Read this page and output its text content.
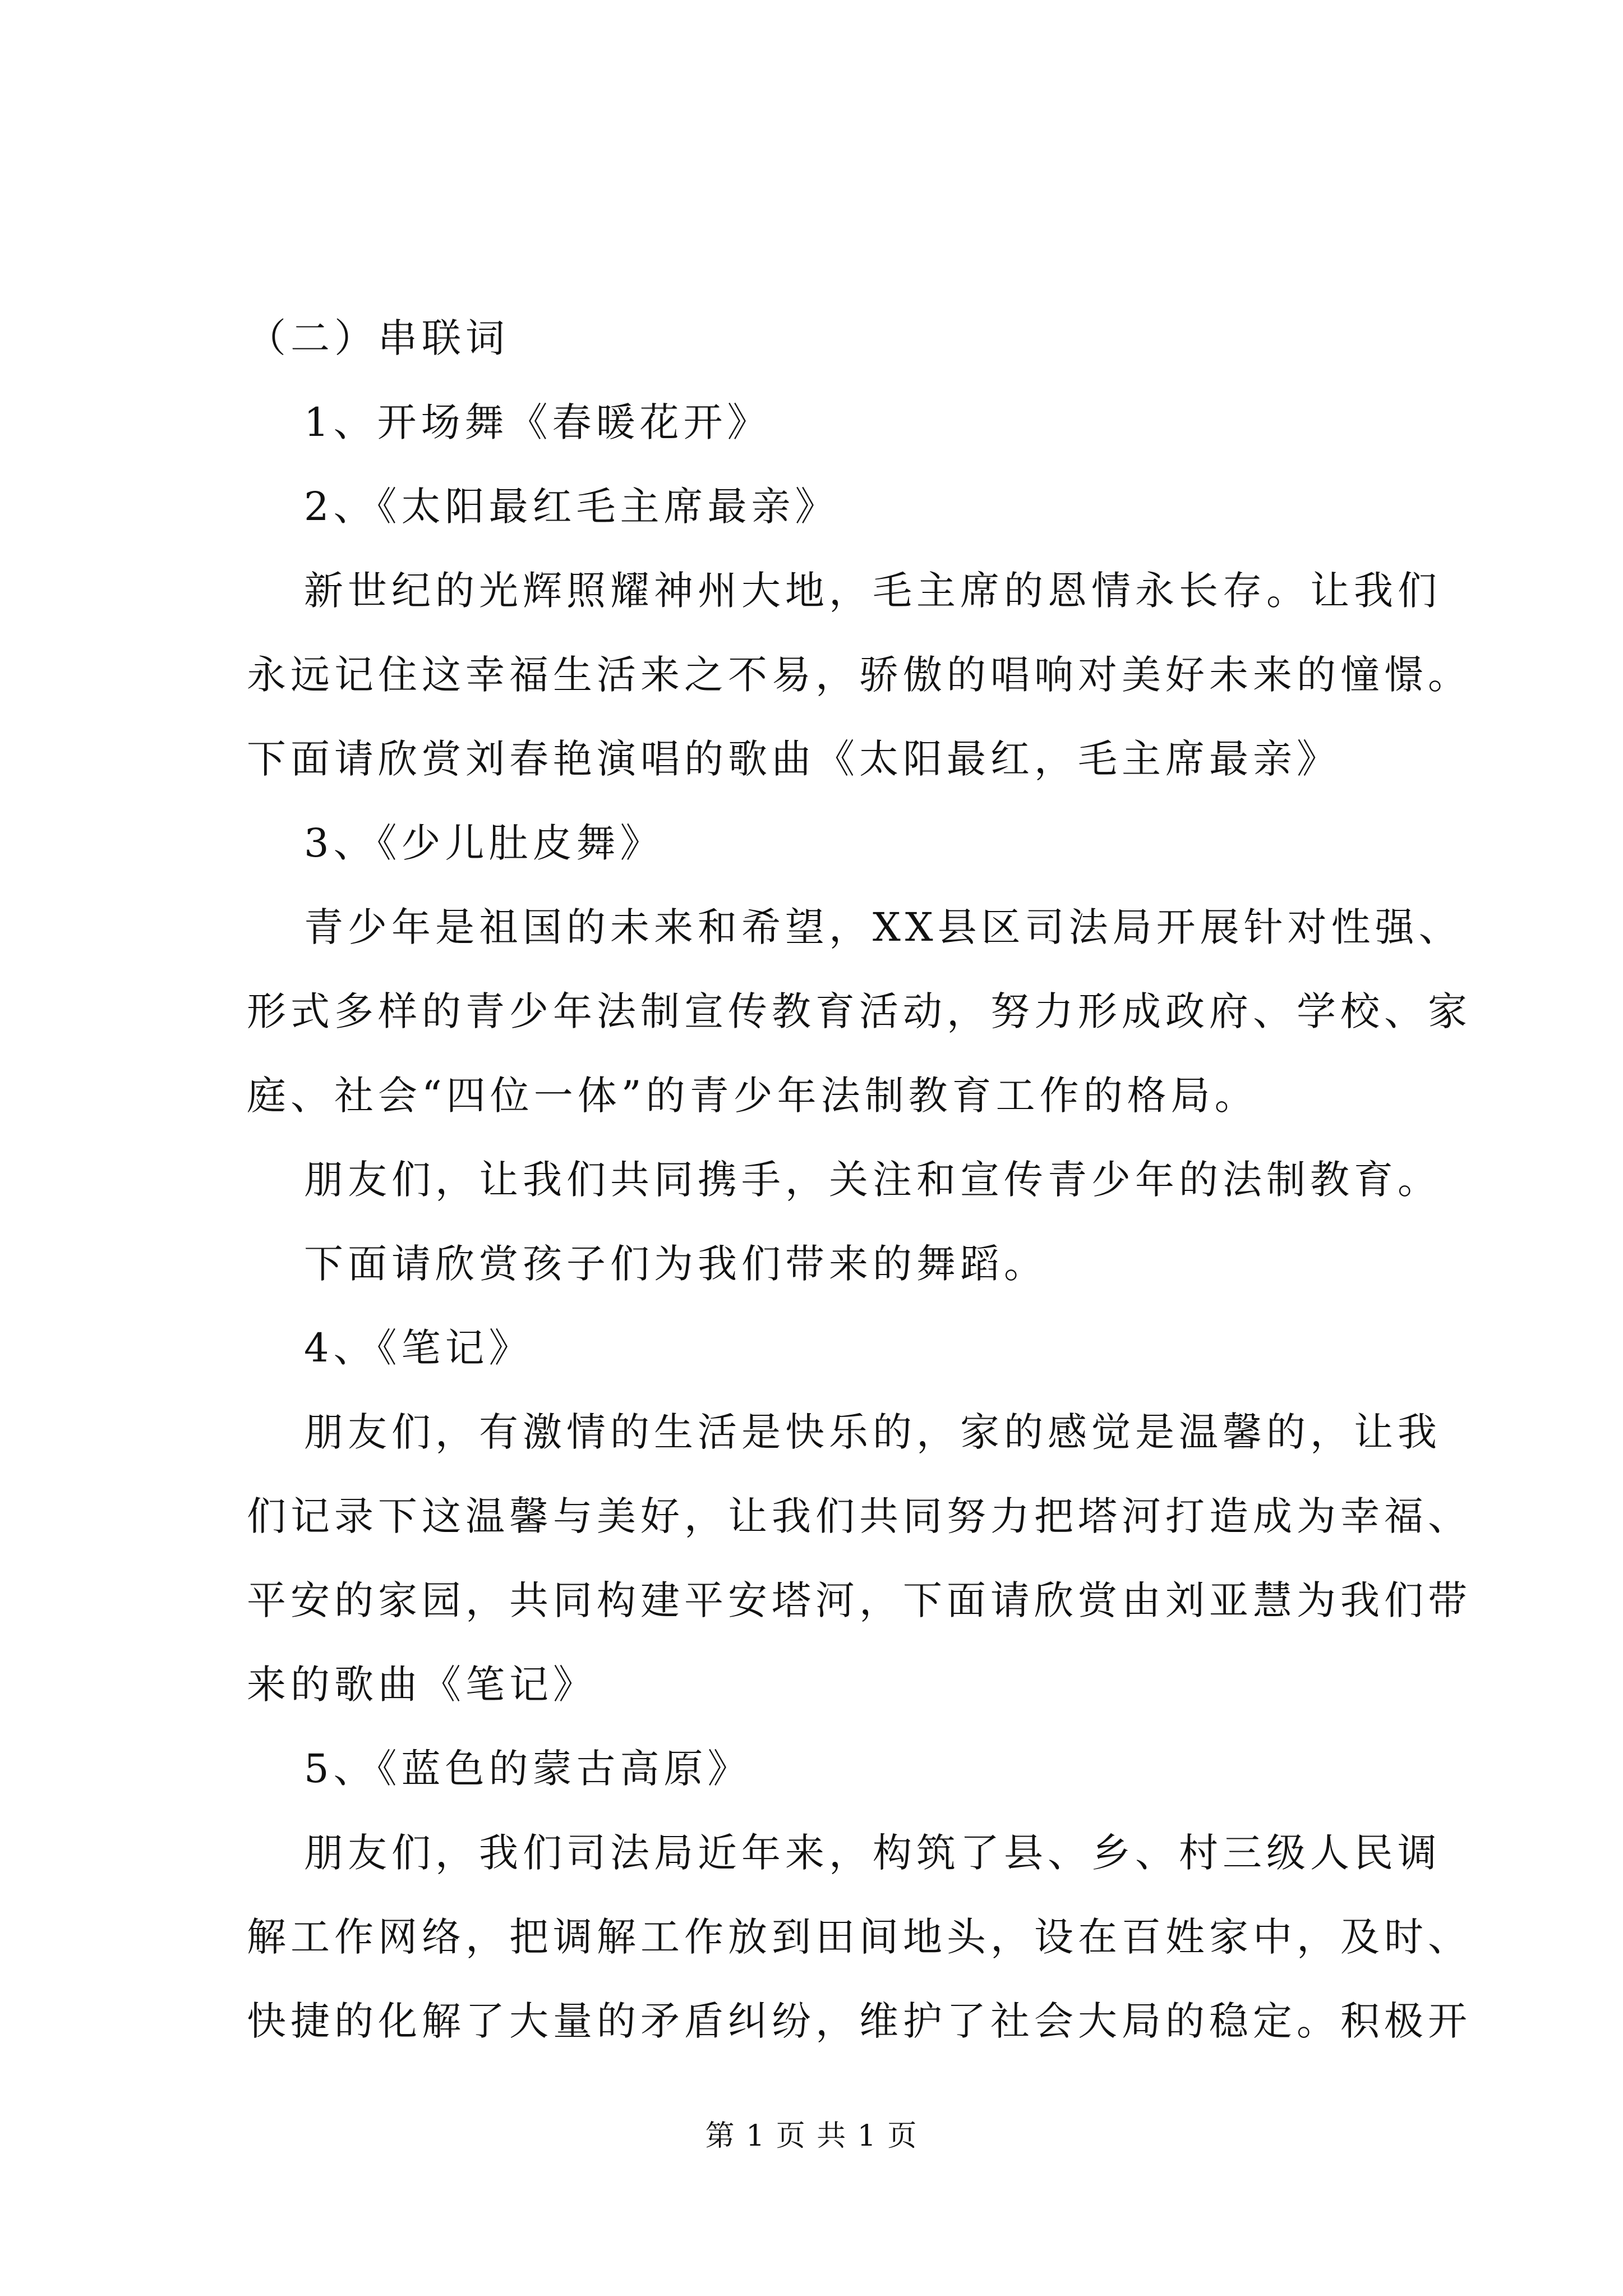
（二）串联词
1、开场舞《春暖花开》
2、《太阳最红毛主席最亲》
新世纪的光辉照耀神州大地，毛主席的恩情永长存。让我们
永远记住这幸福生活来之不易，骄傲的唱响对美好未来的憧憬。
下面请欣赏刘春艳演唱的歌曲《太阳最红，毛主席最亲》
3、《少儿肚皮舞》
青少年是祖国的未来和希望，XX县区司法局开展针对性强、
形式多样的青少年法制宣传教育活动，努力形成政府、学校、家
庭、社会“四位一体”的青少年法制教育工作的格局。
朋友们，让我们共同携手，关注和宣传青少年的法制教育。
下面请欣赏孩子们为我们带来的舞蹈。
4、《笔记》
朋友们，有激情的生活是快乐的，家的感觉是温馨的，让我
们记录下这温馨与美好，让我们共同努力把塔河打造成为幸福、
平安的家园，共同构建平安塔河，下面请欣赏由刘亚慧为我们带
来的歌曲《笔记》
5、《蓝色的蒙古高原》
朋友们，我们司法局近年来，构筑了县、乡、村三级人民调
解工作网络，把调解工作放到田间地头，设在百姓家中，及时、
快捷的化解了大量的矛盾纠纷，维护了社会大局的稳定。积极开
第 1 页 共 1 页
